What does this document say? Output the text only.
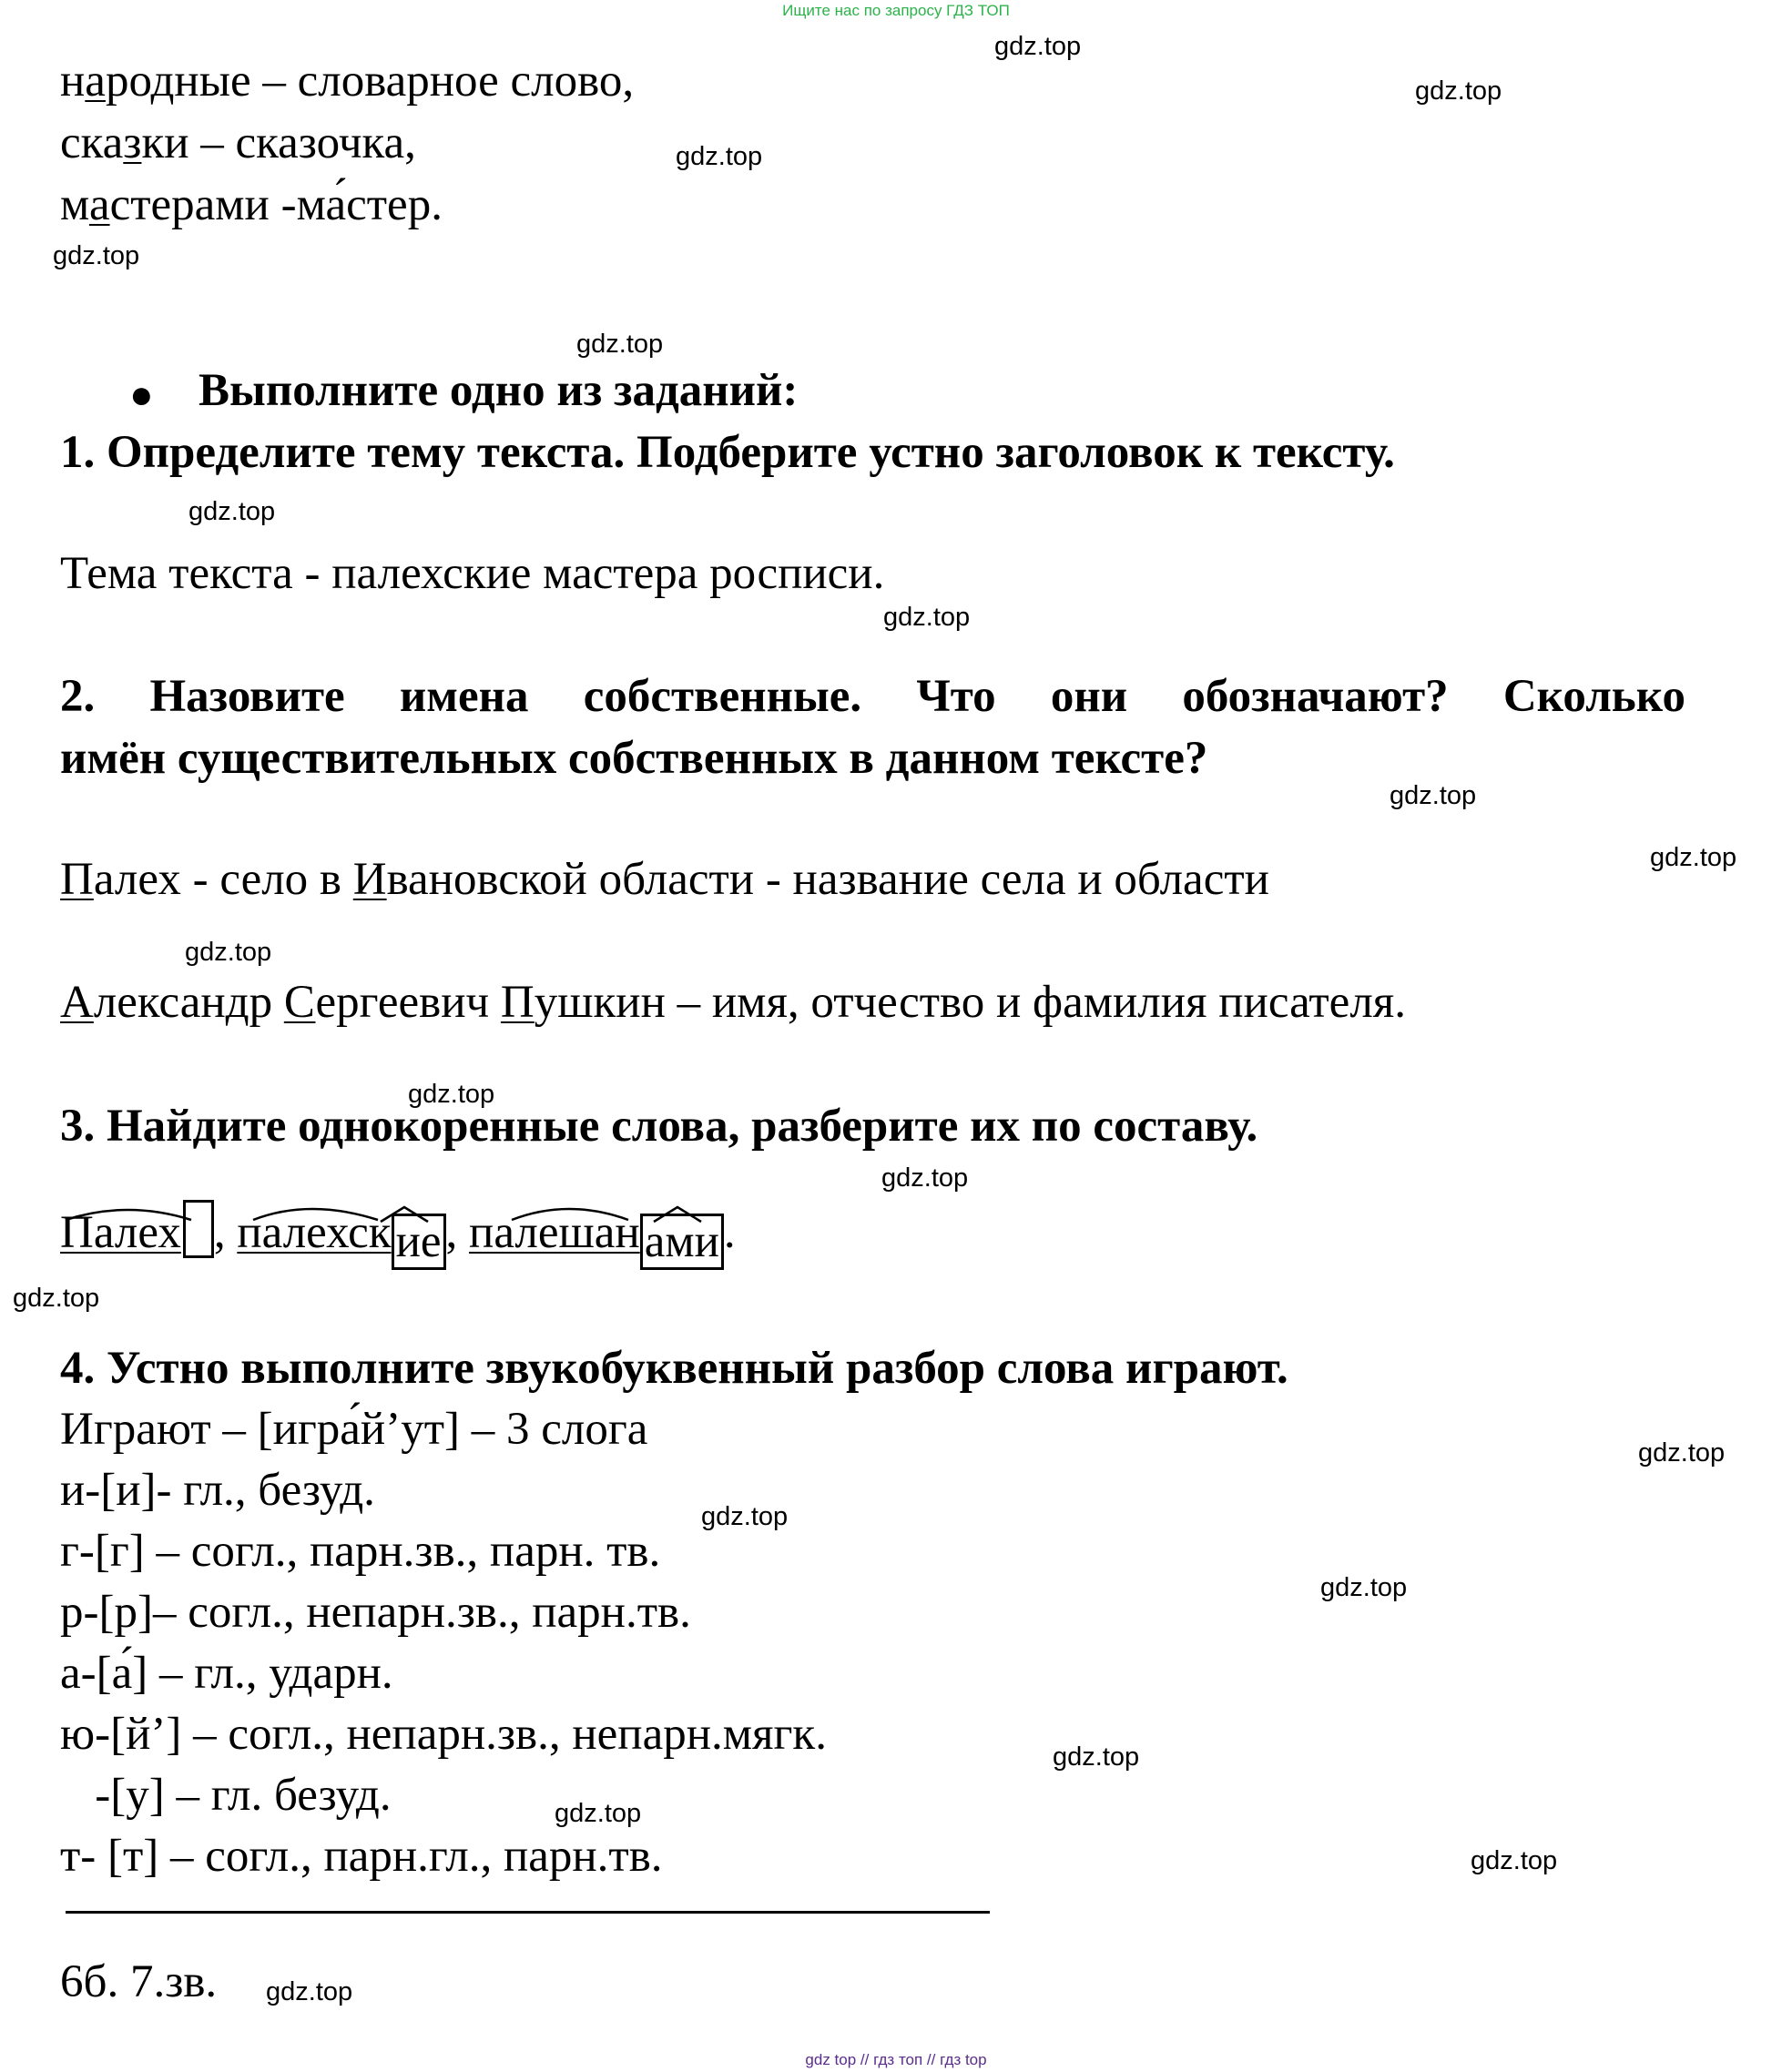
Ищите нас по запросу ГДЗ ТОП
gdz.top
gdz.top
gdz.top
gdz.top
gdz.top
gdz.top
gdz.top
gdz.top
gdz.top
gdz.top
gdz.top
gdz.top
gdz.top
gdz.top
gdz.top
gdz.top
gdz.top
gdz.top
gdz.top
gdz.top
народные – словарное слово,
сказки – сказочка,
мастерами -ма́стер.
● Выполните одно из заданий:
1. Определите тему текста. Подберите устно заголовок к тексту.
Тема текста - палехские мастера росписи.
2. Назовите имена собственные. Что они обозначают? Сколько
имён существительных собственных в данном тексте?
Палех - село в Ивановской области - название села и области
Александр Сергеевич Пушкин – имя, отчество и фамилия писателя.
3. Найдите однокоренные слова, разберите их по составу.
Палех , палехские, палешанами.
4. Устно выполните звукобуквенный разбор слова играют.
Играют – [игра́й’ут] – 3 слога
и-[и]- гл., безуд.
г-[г] – согл., парн.зв., парн. тв.
р-[р]– согл., непарн.зв., парн.тв.
а-[а́] – гл., ударн.
ю-[й’] – согл., непарн.зв., непарн.мягк.
-[у] – гл. безуд.
т- [т] – согл., парн.гл., парн.тв.
6б. 7.зв.
gdz top // гдз топ // гдз top
